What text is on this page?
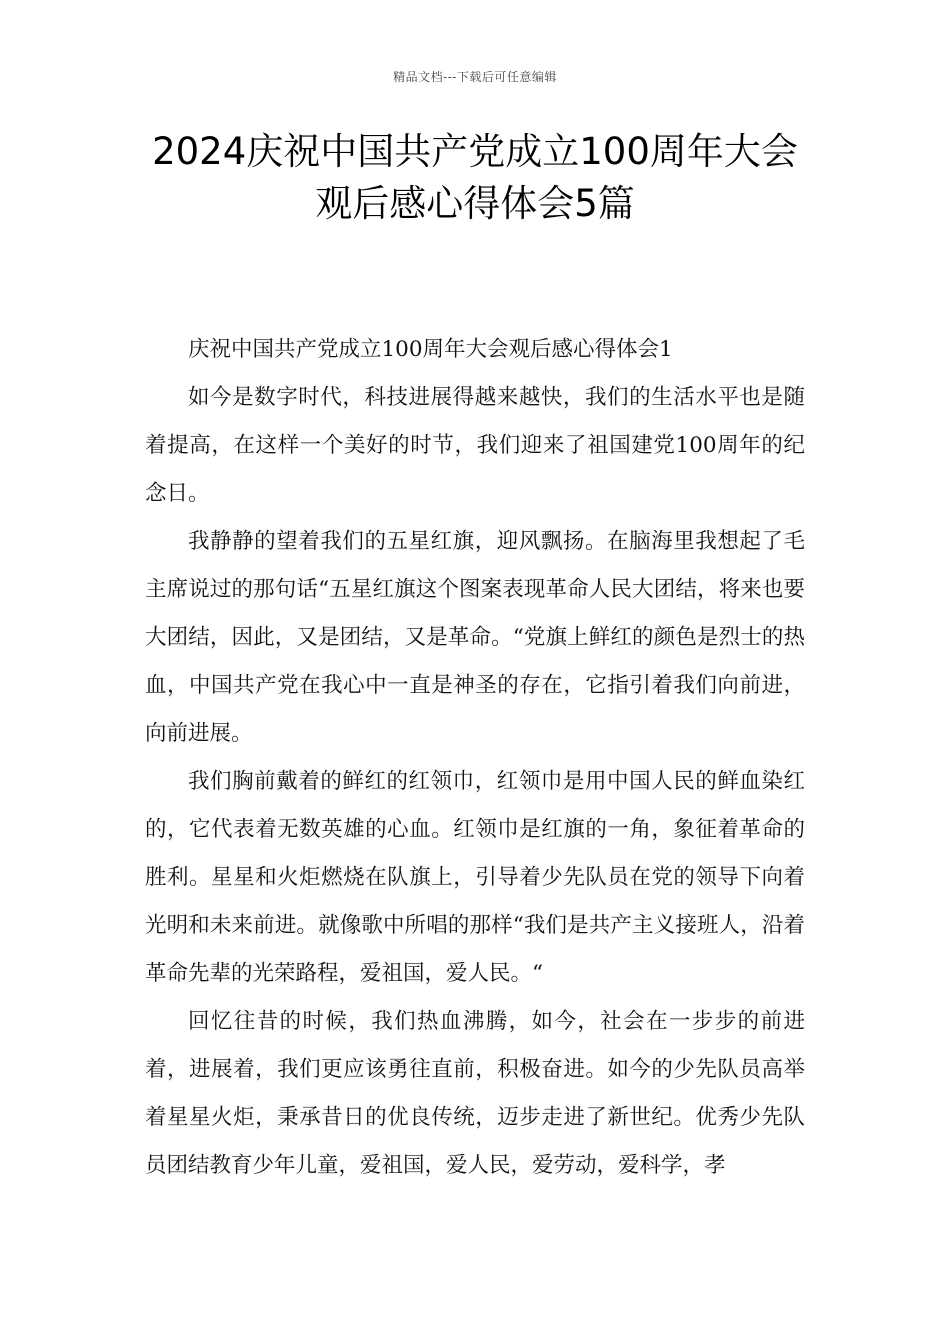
精品文档---下载后可任意编辑
2024庆祝中国共产党成立100周年大会
观后感心得体会5篇

庆祝中国共产党成立100周年大会观后感心得体会1

如今是数字时代，科技进展得越来越快，我们的生活水平也是随着提高，在这样一个美好的时节，我们迎来了祖国建党100周年的纪念日。

我静静的望着我们的五星红旗，迎风飘扬。在脑海里我想起了毛主席说过的那句话“五星红旗这个图案表现革命人民大团结，将来也要大团结，因此，又是团结，又是革命。“党旗上鲜红的颜色是烈士的热血，中国共产党在我心中一直是神圣的存在，它指引着我们向前进，向前进展。

我们胸前戴着的鲜红的红领巾，红领巾是用中国人民的鲜血染红的，它代表着无数英雄的心血。红领巾是红旗的一角，象征着革命的胜利。星星和火炬燃烧在队旗上，引导着少先队员在党的领导下向着光明和未来前进。就像歌中所唱的那样“我们是共产主义接班人，沿着革命先辈的光荣路程，爱祖国，爱人民。“

回忆往昔的时候，我们热血沸腾，如今，社会在一步步的前进着，进展着，我们更应该勇往直前，积极奋进。如今的少先队员高举着星星火炬，秉承昔日的优良传统，迈步走进了新世纪。优秀少先队员团结教育少年儿童，爱祖国，爱人民，爱劳动，爱科学，孝
